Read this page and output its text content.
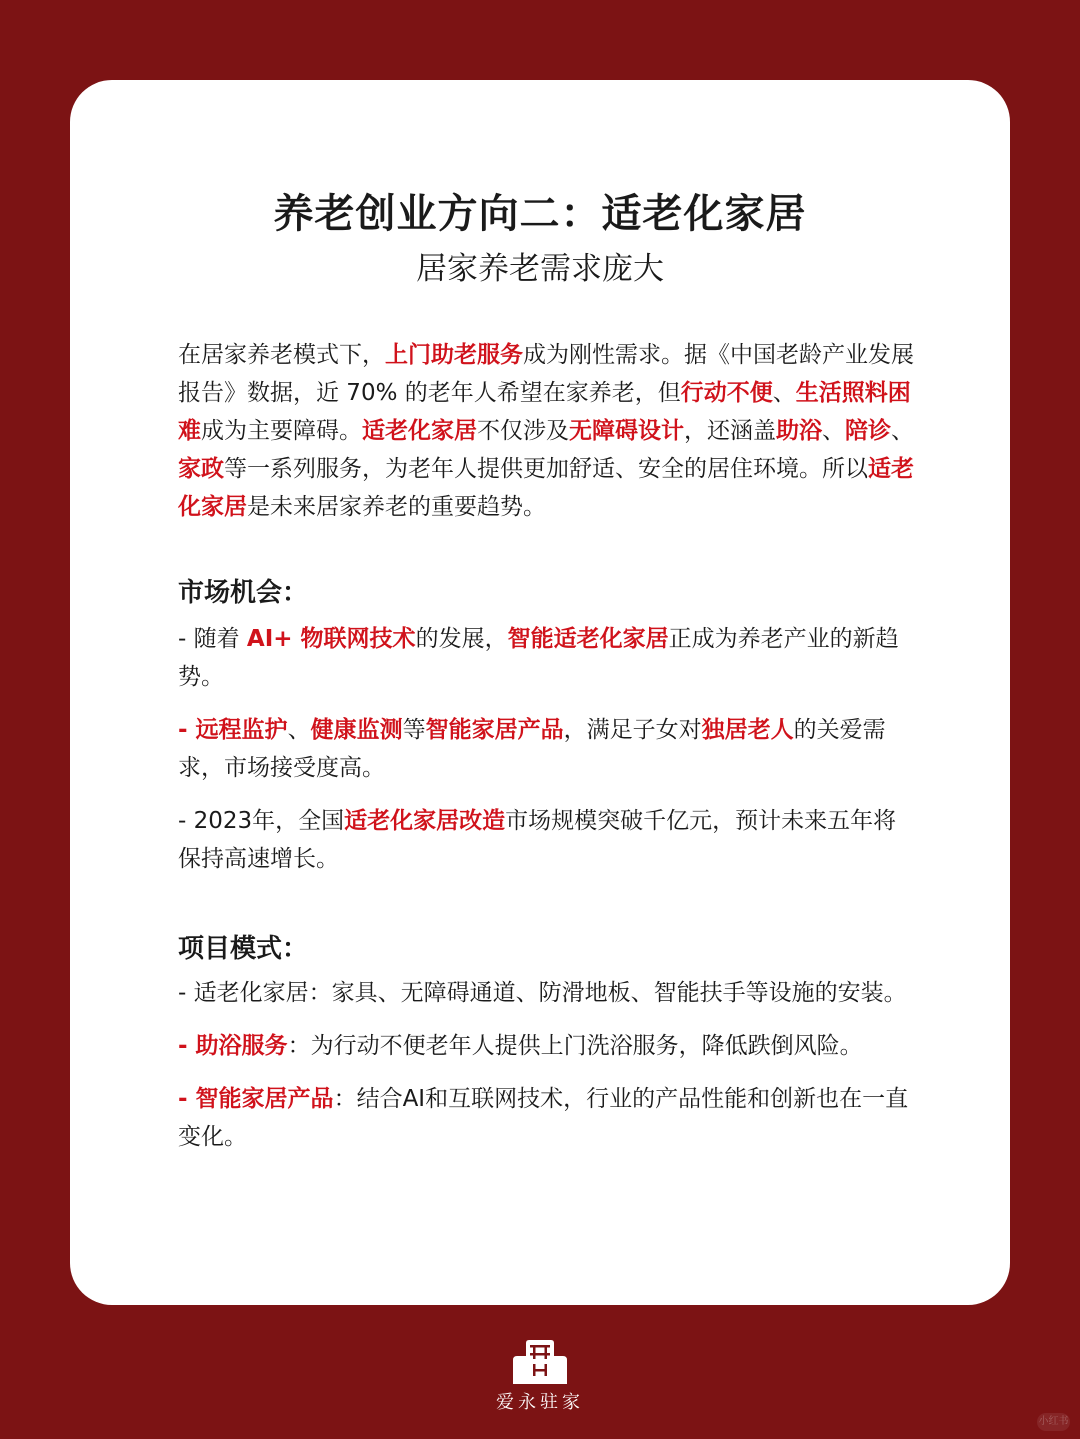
养老创业方向二：适老化家居
居家养老需求庞大

在居家养老模式下，上门助老服务成为刚性需求。据《中国老龄产业发展报告》数据，近 70% 的老年人希望在家养老，但行动不便、生活照料困难成为主要障碍。适老化家居不仅涉及无障碍设计，还涵盖助浴、陪诊、家政等一系列服务，为老年人提供更加舒适、安全的居住环境。所以适老化家居是未来居家养老的重要趋势。

市场机会：

- 随着 AI+ 物联网技术的发展，智能适老化家居正成为养老产业的新趋势。

- 远程监护、健康监测等智能家居产品，满足子女对独居老人的关爱需求，市场接受度高。

- 2023年，全国适老化家居改造市场规模突破千亿元，预计未来五年将保持高速增长。

项目模式：

- 适老化家居：家具、无障碍通道、防滑地板、智能扶手等设施的安装。

- 助浴服务：为行动不便老年人提供上门洗浴服务，降低跌倒风险。

- 智能家居产品：结合AI和互联网技术，行业的产品性能和创新也在一直变化。

爱永驻家
小红书
